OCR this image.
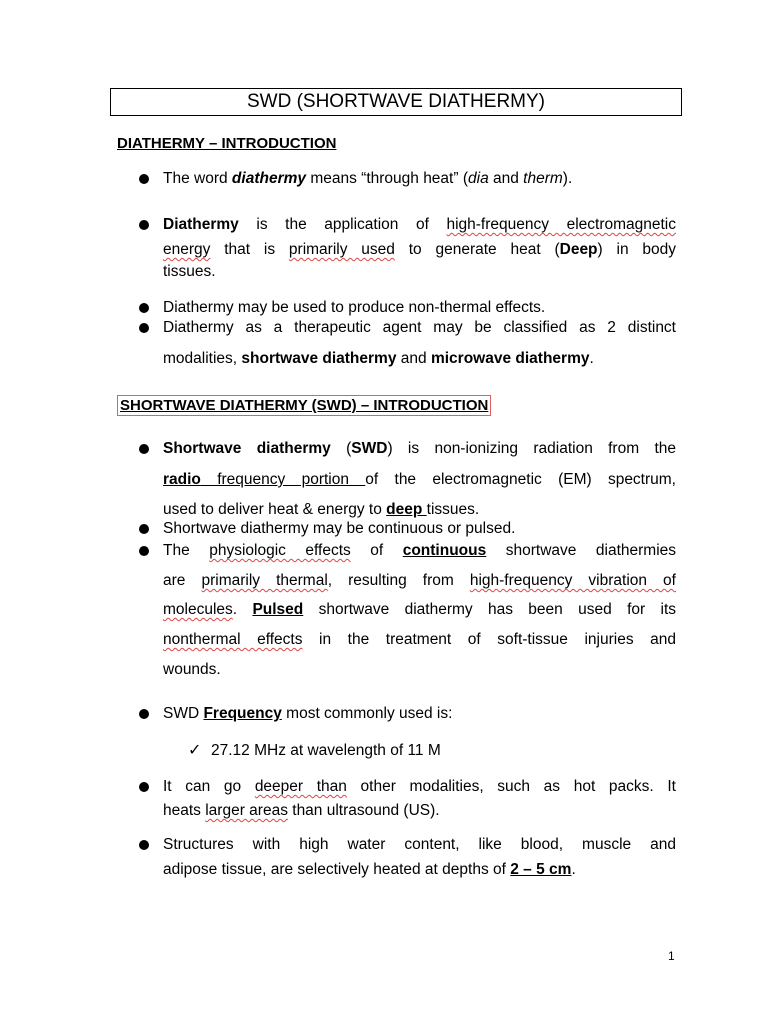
SWD (SHORTWAVE DIATHERMY)
DIATHERMY – INTRODUCTION
The word diathermy means “through heat” (dia and therm).
Diathermy is the application of high-frequency electromagnetic
energy that is primarily used to generate heat (Deep) in body
tissues.
Diathermy may be used to produce non-thermal effects.
Diathermy as a therapeutic agent may be classified as 2 distinct
modalities, shortwave diathermy and microwave diathermy.
SHORTWAVE DIATHERMY (SWD) – INTRODUCTION
Shortwave diathermy (SWD) is non-ionizing radiation from the
radio frequency portion of the electromagnetic (EM) spectrum,
used to deliver heat & energy to deep tissues.
Shortwave diathermy may be continuous or pulsed.
The physiologic effects of continuous shortwave diathermies
are primarily thermal, resulting from high-frequency vibration of
molecules. Pulsed shortwave diathermy has been used for its
nonthermal effects in the treatment of soft-tissue injuries and
wounds.
SWD Frequency most commonly used is:
✓ 27.12 MHz at wavelength of 11 M
It can go deeper than other modalities, such as hot packs. It
heats larger areas than ultrasound (US).
Structures with high water content, like blood, muscle and
adipose tissue, are selectively heated at depths of 2 – 5 cm.
1
